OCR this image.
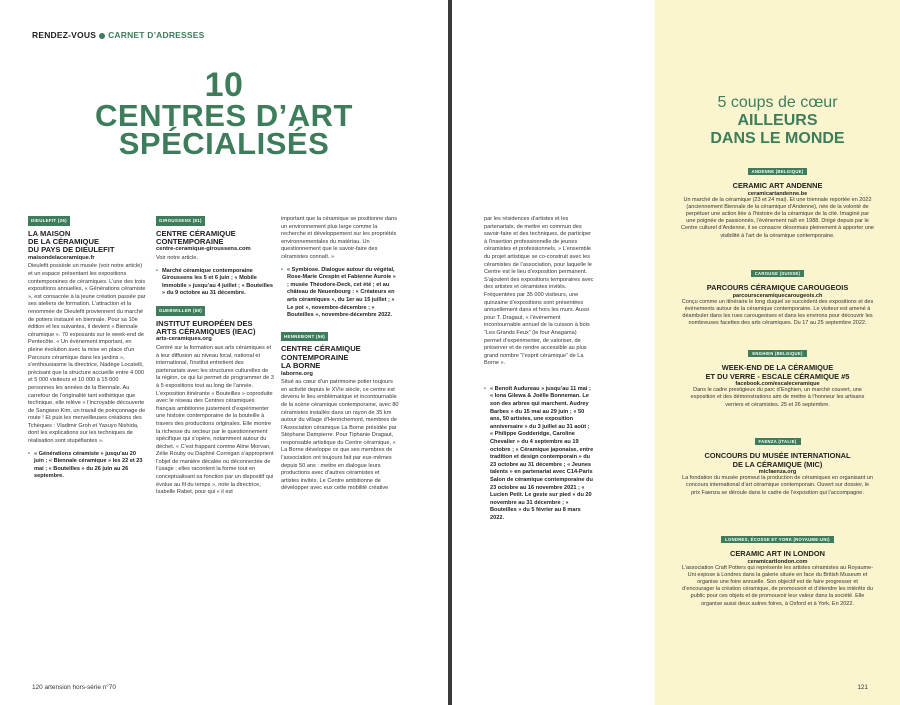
RENDEZ-VOUS CARNET D’ADRESSES
10
CENTRES D’ART
SPÉCIALISÉS
DIEULEFIT (26)
LA MAISON
DE LA CÉRAMIQUE
DU PAYS DE DIEULEFIT
maisondelaceramique.fr
Dieulefit possède un musée (voir notre article) et un espace présentant les expositions contemporaines de céramiques. L’une des trois expositions annuelles, « Générations céramiste », est consacrée à la jeune création passée par ses ateliers de formation. L’attraction et la renommée de Dieulefit proviennent du marché de potiers instauré en biennale. Pour sa 10e édition et les suivantes, il devient « Biennale céramique ». 70 exposants sur le week-end de Pentecôte. « Un événement important, en pleine évolution avec la mise en place d’un Parcours céramique dans les jardins », s’enthousiasme la directrice, Nadège Locatelli, précisant que la structure accueille entre 4 000 et 5 000 visiteurs et 10 000 à 15 000 personnes les années de la Biennale. Au carrefour de l’originalité tant esthétique que technique, elle relève « l’incroyable découverte de Sangwoo Kim, un travail de poinçonnage de route ! Et puis les merveilleuses créations des Tchèques : Vladimir Groh et Yasuyo Nishida, dont les explications sur les techniques de réalisation sont stupéfiantes ».
• « Générations céramiste » jusqu’au 20 juin ; « Biennale céramique » les 22 et 23 mai ; « Bouteilles » du 26 juin au 26 septembre.
GIROUSSENS (81)
CENTRE CÉRAMIQUE
CONTEMPORAINE
centre-ceramique-giroussens.com
Voir notre article.
• Marché céramique contemporaine Giroussens les 5 et 6 juin ; « Mobile Immobile » jusqu’au 4 juillet ; « Bouteilles » du 9 octobre au 31 décembre.
GUEBWILLER (68)
INSTITUT EUROPÉEN DES
ARTS CÉRAMIQUES (IEAC)
arts-ceramiques.org
Centré sur la formation aux arts céramiques et à leur diffusion au niveau local, national et international, l’institut entretient des partenariats avec les structures culturelles de la région, ce qui lui permet de programmer de 3 à 5 expositions tout au long de l’année. L’exposition itinérante « Bouteilles » coproduite avec le réseau des Centres céramiques français ambitionne justement d’expérimenter une histoire contemporaine de la bouteille à travers des productions originales. Elle montre la richesse du secteur par le questionnement spécifique qui s’opère, notamment autour du déchet. « C’est frappant comme Aline Morvan, Zélie Rouby ou Daphné Corregan s’approprient l’objet de manière décalée ou déconnectée de l’usage ; elles racontent la forme tout en conceptualisant sa fonction par un dispositif qui évolue au fil du temps », note la directrice, Isabelle Rabet, pour qui « il est
important que la céramique se positionne dans un environnement plus large comme la recherche et développement sur les propriétés environnementales du matériau. Un questionnement que le savoir-faire des céramistes connaît. »
• « Symbiose. Dialogue autour du végétal, Rose-Marie Crespin et Fabienne Auroie » ; musée Théodore-Deck, cet été ; et au château de Neuenbourg : « Créateurs en arts céramiques », du 1er au 15 juillet ; « Le pot », novembre-décembre ; « Bouteilles », novembre-décembre 2022.
HENNEBONT (56)
CENTRE CÉRAMIQUE
CONTEMPORAINE
LA BORNE
laborne.org
Situé au cœur d’un patrimoine potier toujours en activité depuis le XVIe siècle, ce centre est devenu le lieu emblématique et incontournable de la scène céramique contemporaine, avec 80 céramistes installés dans un rayon de 35 km autour du village d’Henrichemont, membres de l’Association céramique La Borne présidée par Stéphane Dampierre. Pour Tiphanie Dragaut, responsable artistique du Centre céramique, « La Borne développe ce que ses membres de l’association ont toujours fait par eux-mêmes depuis 50 ans : mettre en dialogue leurs productions avec d’autres céramistes et artistes invités. Le Centre ambitionne de développer avec eux cette mobilité créative
120 artension hors-série n°70
par les résidences d’artistes et les partenariats, de mettre en commun des savoir-faire et des techniques, de participer à l’insertion professionnelle de jeunes céramistes et professionnels. » L’ensemble du projet artistique se co-construit avec les céramistes de l’association, pour laquelle le Centre est le lieu d’exposition permanent. S’ajoutent des expositions temporaires avec des artistes et céramistes invités. Fréquentées par 35 000 visiteurs, une quinzaine d’expositions sont présentées annuellement dans et hors les murs. Aussi pour T. Dragaut, « l’événement incontournable annuel de la cuisson à bois “Les Grands Feux” (le four Anagama) permet d’expérimenter, de valoriser, de préserver et de rendre accessible au plus grand nombre “l’esprit céramique” de La Borne ».
• « Benoît Audureau » jusqu’au 11 mai ; « Iona Gilewa & Joëlle Bonneman. Le son des arbres qui marchent. Audrey Barbes » du 15 mai au 29 juin ; « 50 ans, 50 artistes, une exposition anniversaire » du 3 juillet au 31 août ; « Philippe Godderidge, Caroline Chevalier » du 4 septembre au 19 octobre ; « Céramique japonaise, entre tradition et design contemporain » du 23 octobre au 31 décembre ; « Jeunes talents » en partenariat avec C14-Paris Salon de céramique contemporaine du 23 octobre au 16 novembre 2021 ; « Lucien Petit. Le geste sur pied » du 20 novembre au 31 décembre ; « Bouteilles » du 5 février au 8 mars 2022.
5 coups de cœur
AILLEURS
DANS LE MONDE
ANDENNE (BELGIQUE)
CERAMIC ART ANDENNE
ceramicartandenne.be
Un marché de la céramique (23 et 24 mai). Et une triennale reportée en 2022 (anciennement Biennale de la céramique d’Andenne), née de la volonté de perpétuer une action liée à l’histoire de la céramique de la cité. Imaginé par une poignée de passionnés, l’événement naît en 1988. Dirigé depuis par le Centre culturel d’Andenne, il se consacre désormais pleinement à apporter une visibilité à l’art de la céramique contemporaine.
CAROUGE (SUISSE)
PARCOURS CÉRAMIQUE CAROUGEOIS
parcoursceramiquecarougeois.ch
Conçu comme un itinéraire le long duquel se succèdent des expositions et des événements autour de la céramique contemporaine. Le visiteur est amené à déambuler dans les rues carougeoises et dans les environs pour découvrir les nombreuses facettes des arts céramiques. Du 17 au 25 septembre 2022.
ENGHIEN (BELGIQUE)
WEEK-END DE LA CÉRAMIQUE
ET DU VERRE - ESCALE CÉRAMIQUE #5
facebook.com/escaleceramique
Dans le cadre prestigieux du parc d’Enghien, un marché couvert, une exposition et des démonstrations aim de mettre à l’honneur les artisans verriers et céramistes. 25 et 26 septembre.
FAENZA (ITALIE)
CONCOURS DU MUSÉE INTERNATIONAL
DE LA CÉRAMIQUE (MIC)
micfaenza.org
La fondation du musée promeut la production de céramiques en organisant un concours international d’art céramique contemporain. Ouvert sur dossier, le prix Faenza se déroule dans le cadre de l’exposition qui l’accompagne.
LONDRES, ÉCOSSE ET YORK (ROYAUME-UNI)
CERAMIC ART IN LONDON
ceramicartlondon.com
L’association Craft Potters qui représente les artistes céramistes au Royaume-Uni expose à Londres dans la galerie située en face du British Museum et organise une foire annuelle. Son objectif est de faire progresser et d’encourager la création céramique, de promouvoir et d’étendre les intérêts du public pour ces objets et de promouvoir leur valeur dans la société. Elle organise aussi deux autres foires, à Oxford et à York. En 2022.
121
